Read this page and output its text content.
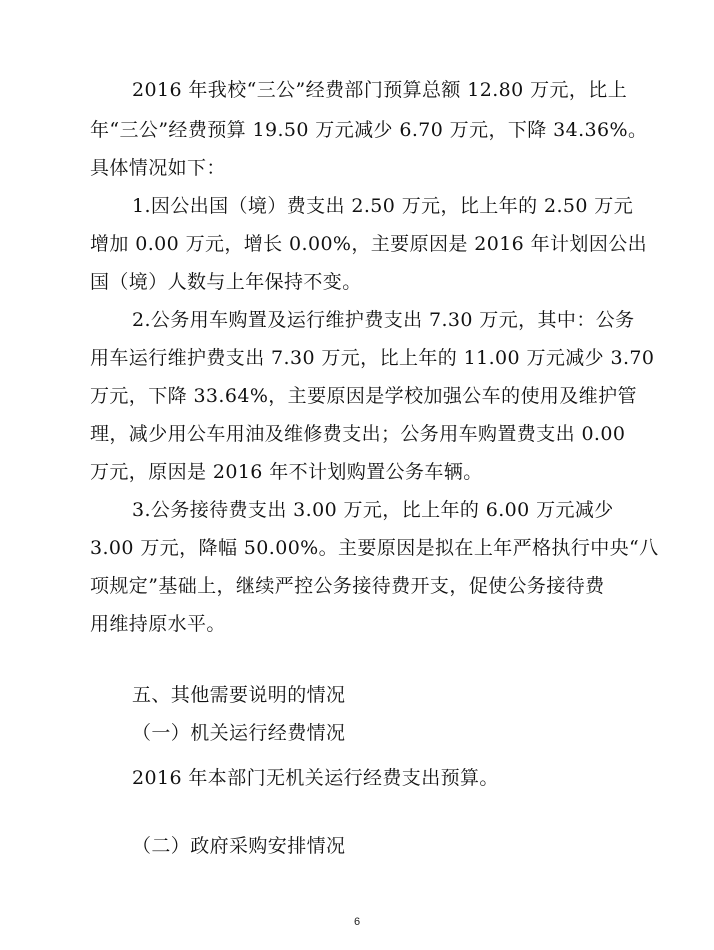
2016 年我校“三公”经费部门预算总额 12.80 万元，比上
年“三公”经费预算 19.50 万元减少 6.70 万元，下降 34.36%。
具体情况如下：
1.因公出国（境）费支出 2.50 万元，比上年的 2.50 万元
增加 0.00 万元，增长 0.00%，主要原因是 2016 年计划因公出
国（境）人数与上年保持不变。
2.公务用车购置及运行维护费支出 7.30 万元，其中：公务
用车运行维护费支出 7.30 万元，比上年的 11.00 万元减少 3.70
万元，下降 33.64%，主要原因是学校加强公车的使用及维护管
理，减少用公车用油及维修费支出；公务用车购置费支出 0.00
万元，原因是 2016 年不计划购置公务车辆。
3.公务接待费支出 3.00 万元，比上年的 6.00 万元减少
3.00 万元，降幅 50.00%。主要原因是拟在上年严格执行中央“八
项规定”基础上，继续严控公务接待费开支，促使公务接待费
用维持原水平。
五、其他需要说明的情况
（一）机关运行经费情况
2016 年本部门无机关运行经费支出预算。
（二）政府采购安排情况
6
